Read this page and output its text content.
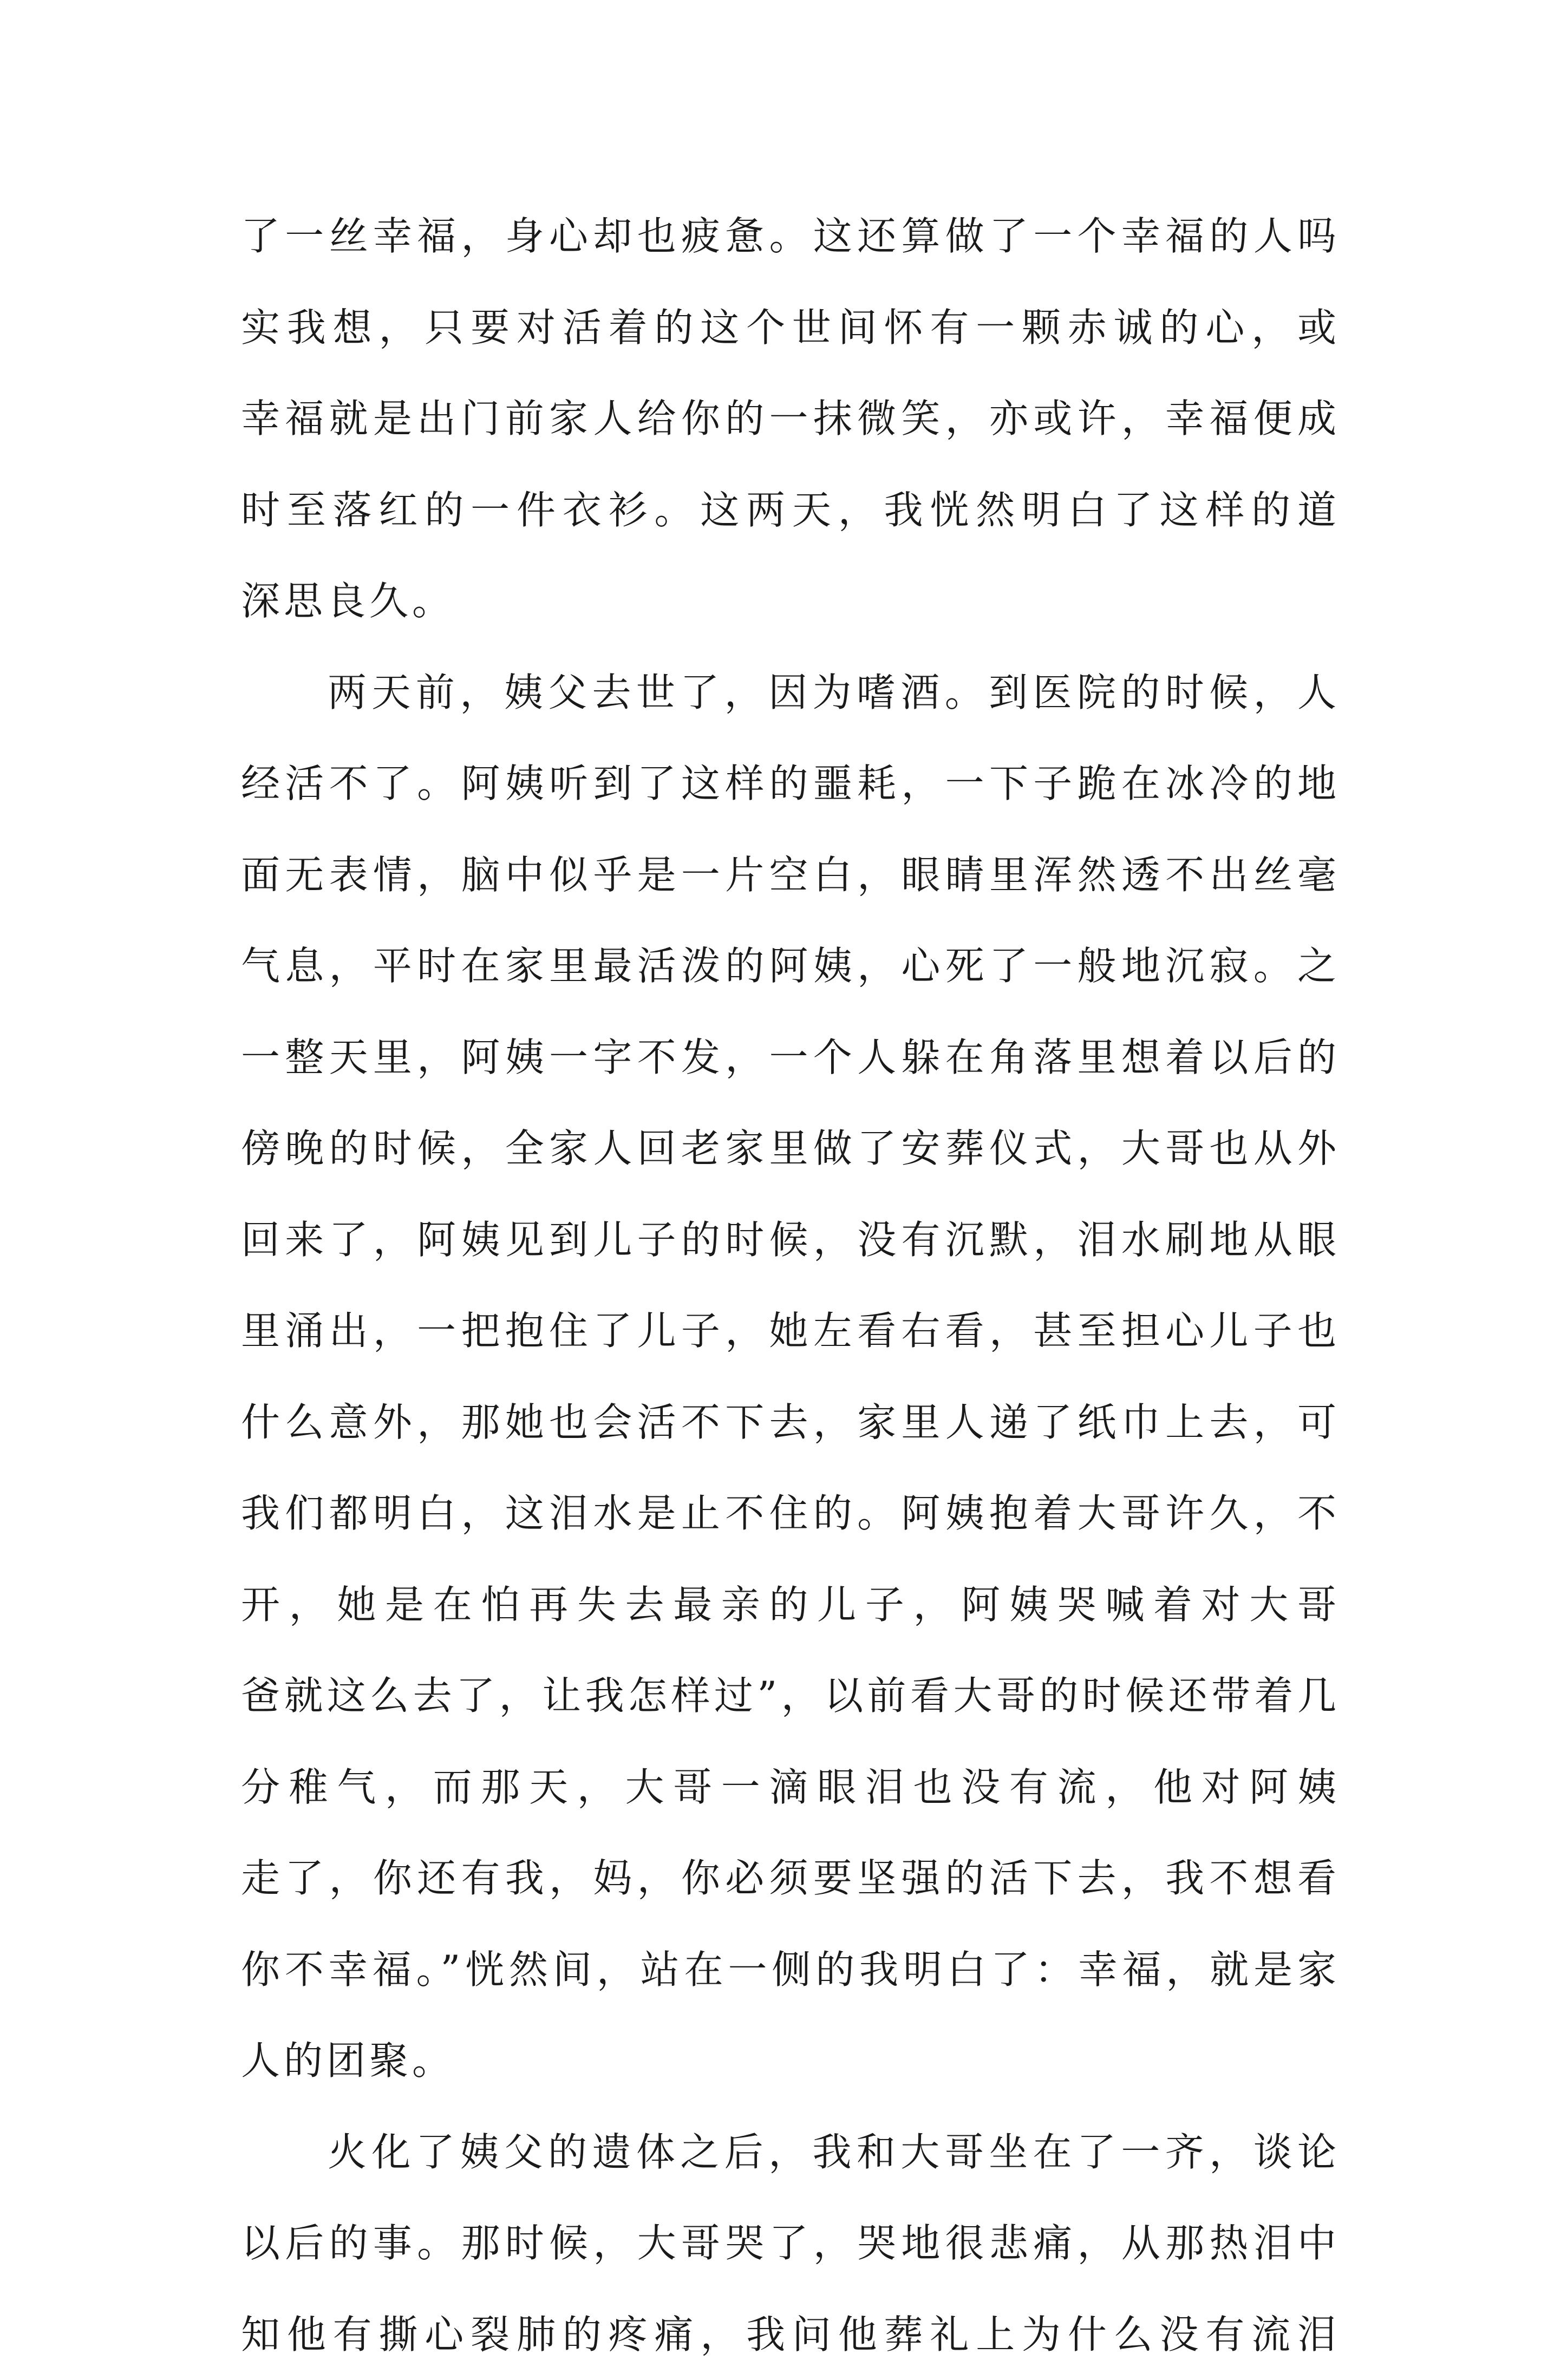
了一丝幸福，身心却也疲惫。这还算做了一个幸福的人吗
实我想，只要对活着的这个世间怀有一颗赤诚的心，或
幸福就是出门前家人给你的一抹微笑，亦或许，幸福便成
时至落红的一件衣衫。这两天，我恍然明白了这样的道
深思良久。
两天前，姨父去世了，因为嗜酒。到医院的时候，人
经活不了。阿姨听到了这样的噩耗，一下子跪在冰冷的地
面无表情，脑中似乎是一片空白，眼睛里浑然透不出丝毫
气息，平时在家里最活泼的阿姨，心死了一般地沉寂。之
一整天里，阿姨一字不发，一个人躲在角落里想着以后的
傍晚的时候，全家人回老家里做了安葬仪式，大哥也从外
回来了，阿姨见到儿子的时候，没有沉默，泪水刷地从眼
里涌出，一把抱住了儿子，她左看右看，甚至担心儿子也
什么意外，那她也会活不下去，家里人递了纸巾上去，可
我们都明白，这泪水是止不住的。阿姨抱着大哥许久，不
开，她是在怕再失去最亲的儿子，阿姨哭喊着对大哥
爸就这么去了，让我怎样过”，以前看大哥的时候还带着几
分稚气，而那天，大哥一滴眼泪也没有流，他对阿姨
走了，你还有我，妈，你必须要坚强的活下去，我不想看
你不幸福。”恍然间，站在一侧的我明白了：幸福，就是家
人的团聚。
火化了姨父的遗体之后，我和大哥坐在了一齐，谈论
以后的事。那时候，大哥哭了，哭地很悲痛，从那热泪中
知他有撕心裂肺的疼痛，我问他葬礼上为什么没有流泪
